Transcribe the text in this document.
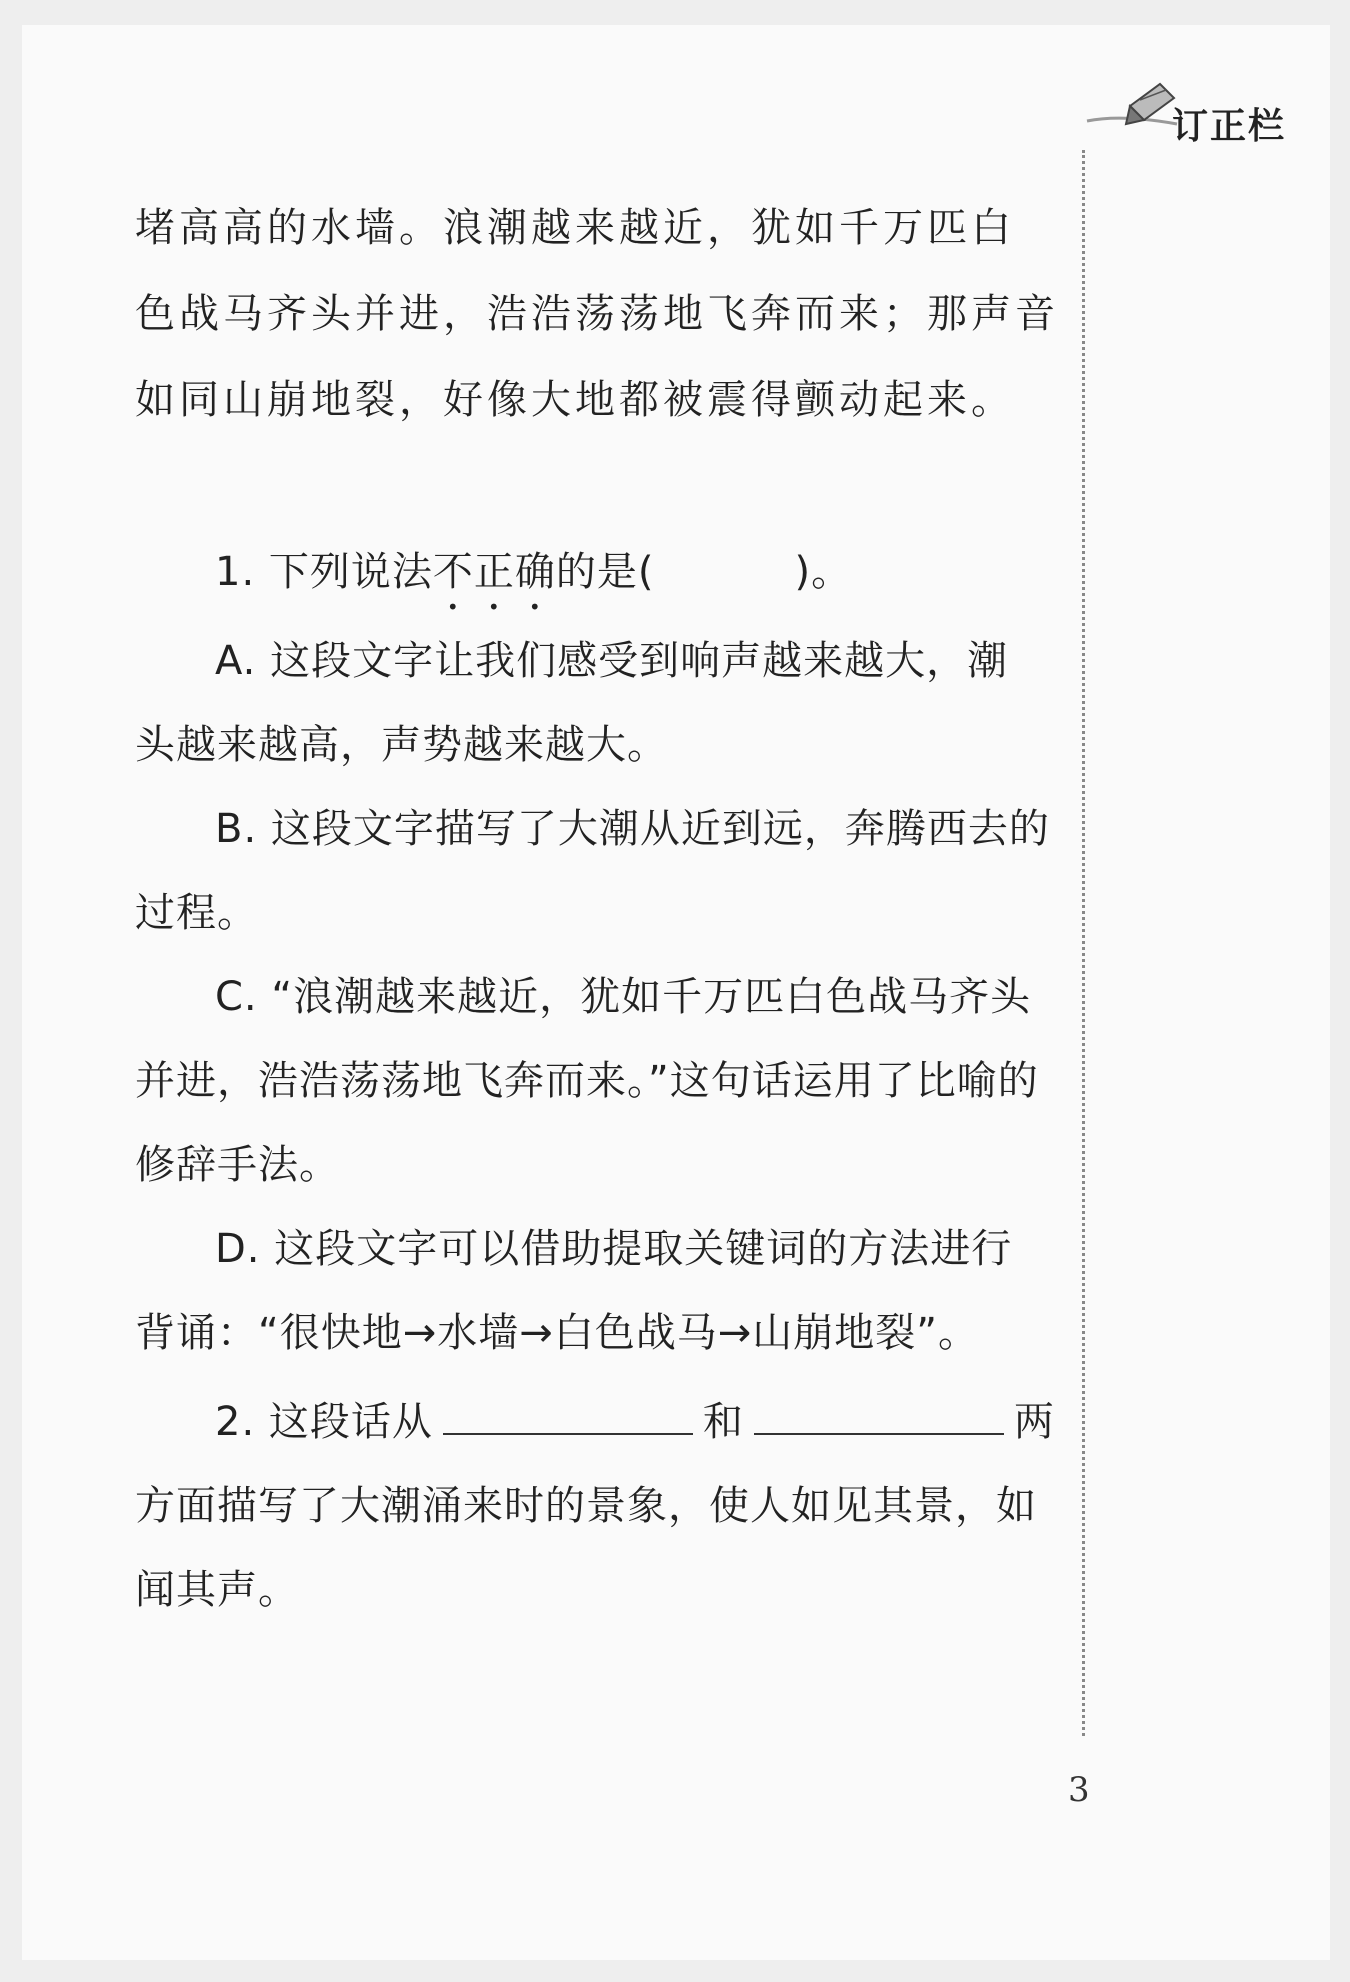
订正栏

堵高高的水墙。浪潮越来越近，犹如千万匹白

色战马齐头并进，浩浩荡荡地飞奔而来；那声音

如同山崩地裂，好像大地都被震得颤动起来。

1. 下列说法不正确的是(	)。

A. 这段文字让我们感受到响声越来越大，潮

头越来越高，声势越来越大。

B. 这段文字描写了大潮从近到远，奔腾西去的

过程。

C. “浪潮越来越近，犹如千万匹白色战马齐头

并进，浩浩荡荡地飞奔而来。”这句话运用了比喻的

修辞手法。

D. 这段文字可以借助提取关键词的方法进行

背诵：“很快地→水墙→白色战马→山崩地裂”。

2. 这段话从	和	两

方面描写了大潮涌来时的景象，使人如见其景，如

闻其声。

3
